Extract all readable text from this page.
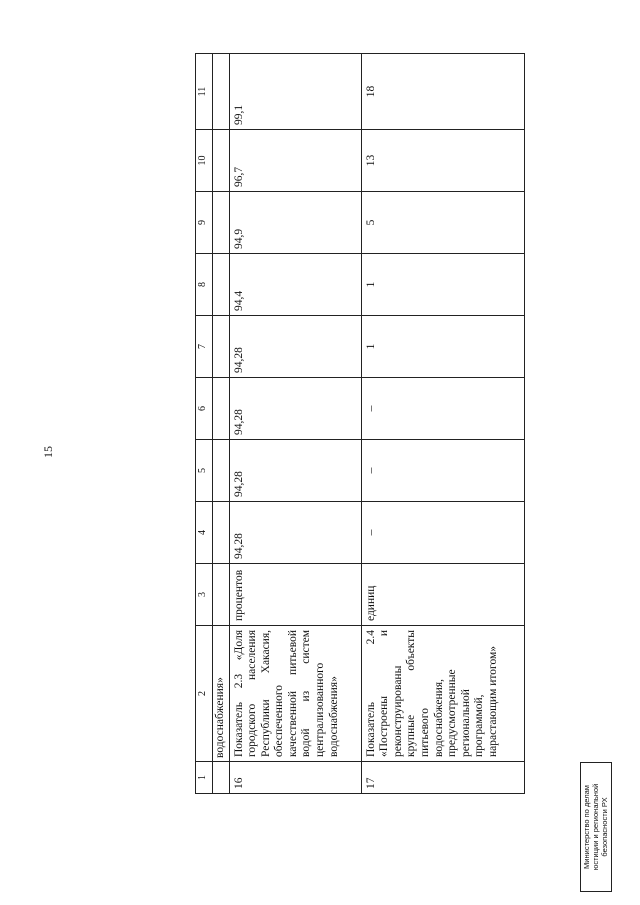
15
1	2	3	4	5	6	7	8	9	10	11
	водоснабжения»									
16	Показатель 2.3 «Доля городского населения Республики Хакасия, обеспеченного качественной питьевой водой из систем централизованного водоснабжения»	процентов	94,28	94,28	94,28	94,28	94,4	94,9	96,7	99,1
17	Показатель 2.4 «Построены и реконструированы крупные объекты питьевого водоснабжения, предусмотренные региональной программой, нарастающим итогом»	единиц	–	–	–	1	1	5	13	18
Министерство по делам юстиции и региональной безопасности РХ
